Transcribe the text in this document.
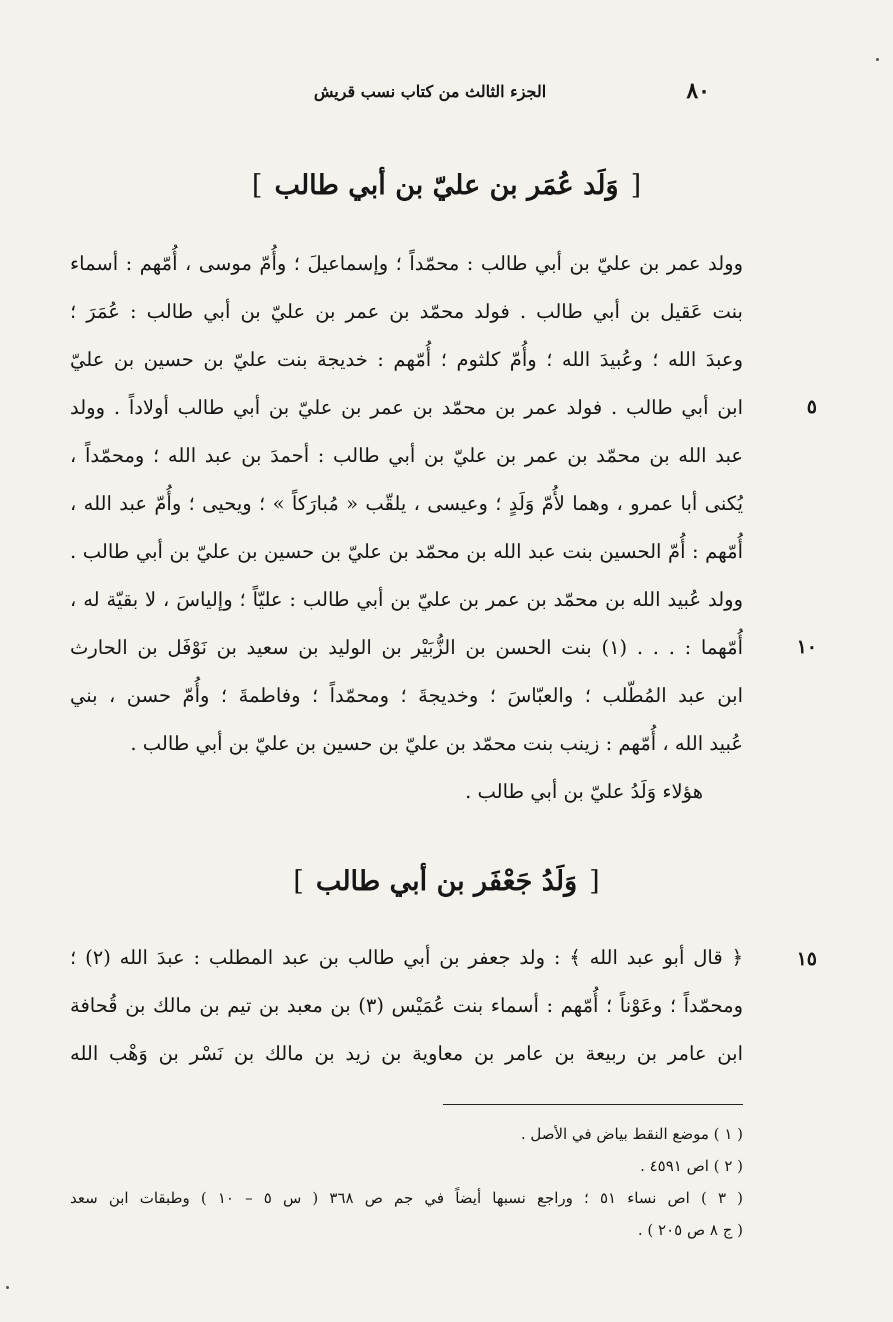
٨٠
الجزء الثالث من كتاب نسب قريش
[وَلَد عُمَر بن عليّ بن أبي طالب]
وولد عمر بن عليّ بن أبي طالب : محمّداً ؛ وإسماعيلَ ؛ وأُمّ موسى ، أُمّهم : أسماء
بنت عَقيل بن أبي طالب . فولد محمّد بن عمر بن عليّ بن أبي طالب : عُمَرَ ؛
وعبدَ الله ؛ وعُبيدَ الله ؛ وأُمّ كلثوم ؛ أُمّهم : خديجة بنت عليّ بن حسين بن عليّ
ابن أبي طالب . فولد عمر بن محمّد بن عمر بن عليّ بن أبي طالب أولاداً . وولد
عبد الله بن محمّد بن عمر بن عليّ بن أبي طالب : أحمدَ بن عبد الله ؛ ومحمّداً ،
يُكنى أبا عمرو ، وهما لأُمّ وَلَدٍ ؛ وعيسى ، يلقّب « مُبارَكاً » ؛ ويحيى ؛ وأُمّ عبد الله ،
أُمّهم : أُمّ الحسين بنت عبد الله بن محمّد بن عليّ بن حسين بن عليّ بن أبي طالب .
وولد عُبيد الله بن محمّد بن عمر بن عليّ بن أبي طالب : عليّاً ؛ وإلياسَ ، لا بقيّة له ،
أُمّهما : . . . (١) بنت الحسن بن الزُّبَيْر بن الوليد بن سعيد بن نَوْفَل بن الحارث
ابن عبد المُطّلب ؛ والعبّاسَ ؛ وخديجةَ ؛ ومحمّداً ؛ وفاطمةَ ؛ وأُمّ حسن ، بني
عُبيد الله ، أُمّهم : زينب بنت محمّد بن عليّ بن حسين بن عليّ بن أبي طالب .
هؤلاء وَلَدُ عليّ بن أبي طالب .
[وَلَدُ جَعْفَر بن أبي طالب]
﴿ قال أبو عبد الله ﴾ : ولد جعفر بن أبي طالب بن عبد المطلب : عبدَ الله (٢) ؛
ومحمّداً ؛ وعَوْناً ؛ أُمّهم : أسماء بنت عُمَيْس (٣) بن معبد بن تيم بن مالك بن قُحافة
ابن عامر بن ربيعة بن عامر بن معاوية بن زيد بن مالك بن نَسْر بن وَهْب الله
٥
١٠
١٥
( ١ ) موضع النقط بياض في الأصل .
( ٢ ) اص ٤٥٩١ .
( ٣ ) اص نساء ٥١ ؛ وراجع نسبها أيضاً في جم ص ٣٦٨ ( س ٥ – ١٠ ) وطبقات ابن سعد
( ج ٨ ص ٢٠٥ ) .
